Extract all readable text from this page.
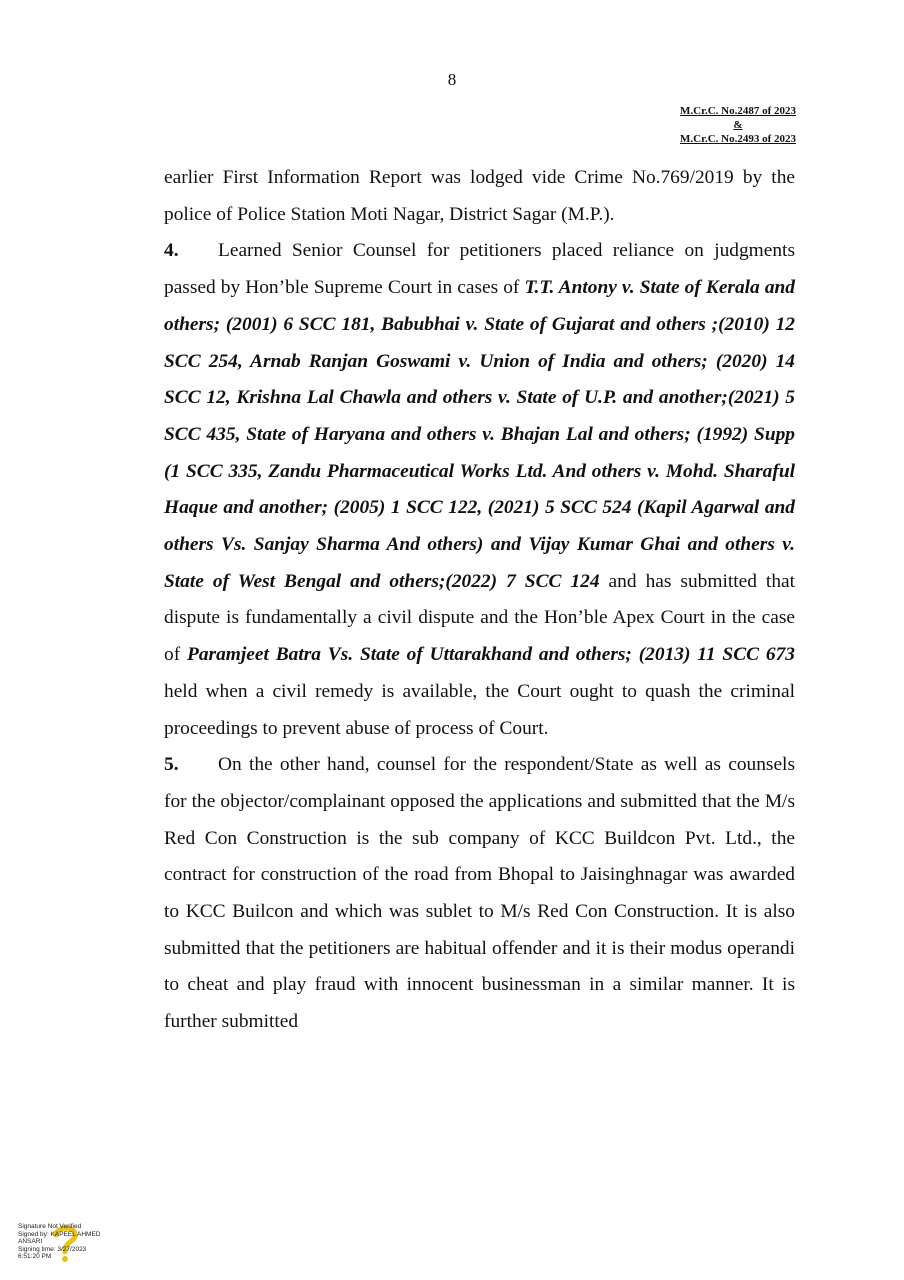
8
M.Cr.C. No.2487 of 2023
&
M.Cr.C. No.2493 of 2023

earlier First Information Report was lodged vide Crime No.769/2019 by the police of Police Station Moti Nagar, District Sagar (M.P.).

4. Learned Senior Counsel for petitioners placed reliance on judgments passed by Hon’ble Supreme Court in cases of T.T. Antony v. State of Kerala and others; (2001) 6 SCC 181, Babubhai v. State of Gujarat and others ;(2010) 12 SCC 254, Arnab Ranjan Goswami v. Union of India and others; (2020) 14 SCC 12, Krishna Lal Chawla and others v. State of U.P. and another;(2021) 5 SCC 435, State of Haryana and others v. Bhajan Lal and others; (1992) Supp (1 SCC 335, Zandu Pharmaceutical Works Ltd. And others v. Mohd. Sharaful Haque and another; (2005) 1 SCC 122, (2021) 5 SCC 524 (Kapil Agarwal and others Vs. Sanjay Sharma And others) and Vijay Kumar Ghai and others v. State of West Bengal and others;(2022) 7 SCC 124 and has submitted that dispute is fundamentally a civil dispute and the Hon’ble Apex Court in the case of Paramjeet Batra Vs. State of Uttarakhand and others; (2013) 11 SCC 673 held when a civil remedy is available, the Court ought to quash the criminal proceedings to prevent abuse of process of Court.

5. On the other hand, counsel for the respondent/State as well as counsels for the objector/complainant opposed the applications and submitted that the M/s Red Con Construction is the sub company of KCC Buildcon Pvt. Ltd., the contract for construction of the road from Bhopal to Jaisinghnagar was awarded to KCC Builcon and which was sublet to M/s Red Con Construction. It is also submitted that the petitioners are habitual offender and it is their modus operandi to cheat and play fraud with innocent businessman in a similar manner. It is further submitted

Signature Not Verified
Signed by: KAPEEL AHMED
ANSARI
Signing time: 3/27/2023
6:51:20 PM
